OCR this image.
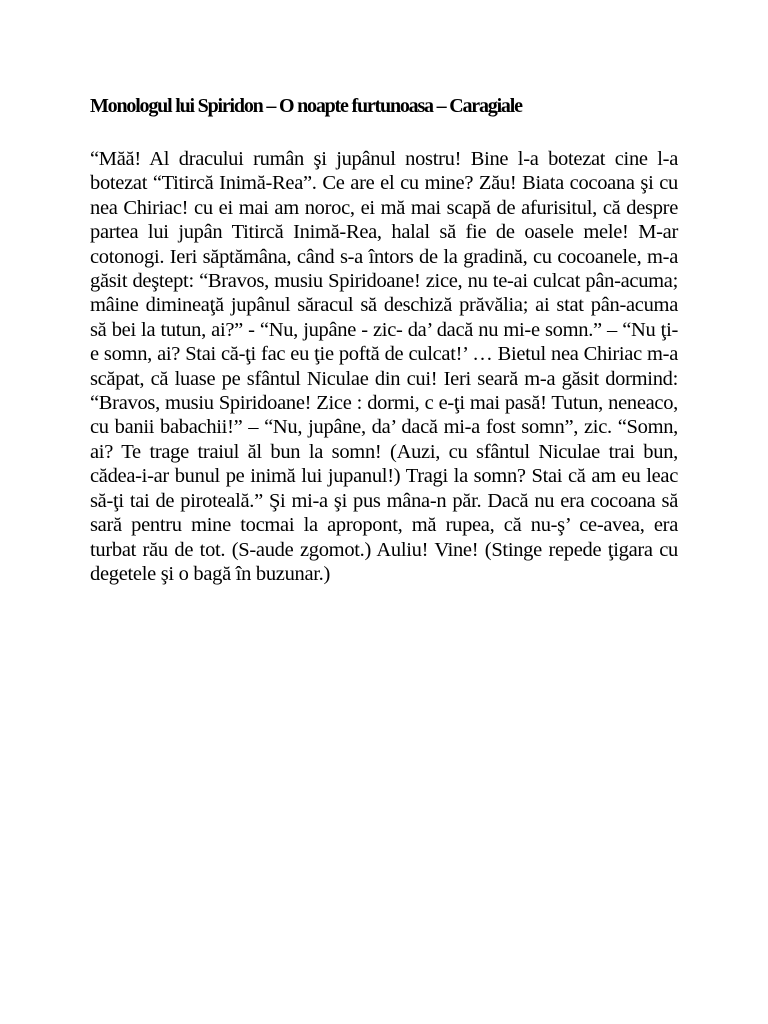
Monologul lui Spiridon – O noapte furtunoasa – Caragiale

“Măă! Al dracului rumân şi jupânul nostru! Bine l-a botezat cine l-a botezat “Titircă Inimă-Rea”. Ce are el cu mine? Zău! Biata cocoana şi cu nea Chiriac! cu ei mai am noroc, ei mă mai scapă de afurisitul, că despre partea lui jupân Titircă Inimă-Rea, halal să fie de oasele mele! M-ar cotonogi. Ieri săptămâna, când s-a întors de la gradină, cu cocoanele, m-a găsit deştept: “Bravos, musiu Spiridoane! zice, nu te-ai culcat pân-acuma; mâine dimineaţă jupânul săracul să deschiză prăvălia; ai stat pân-acuma să bei la tutun, ai?” - “Nu, jupâne - zic- da’ dacă nu mi-e somn.” – “Nu ţi-e somn, ai? Stai că-ţi fac eu ţie poftă de culcat!’ … Bietul nea Chiriac m-a scăpat, că luase pe sfântul Niculae din cui! Ieri seară m-a găsit dormind: “Bravos, musiu Spiridoane! Zice : dormi, c e-ţi mai pasă! Tutun, neneaco, cu banii babachii!” – “Nu, jupâne, da’ dacă mi-a fost somn”, zic. “Somn, ai? Te trage traiul ăl bun la somn! (Auzi, cu sfântul Niculae trai bun, cădea-i-ar bunul pe inimă lui jupanul!) Tragi la somn? Stai că am eu leac să-ţi tai de piroteală.” Şi mi-a şi pus mâna-n păr. Dacă nu era cocoana să sară pentru mine tocmai la apropont, mă rupea, că nu-ş’ ce-avea, era turbat rău de tot. (S-aude zgomot.) Auliu! Vine! (Stinge repede ţigara cu degetele şi o bagă în buzunar.)
